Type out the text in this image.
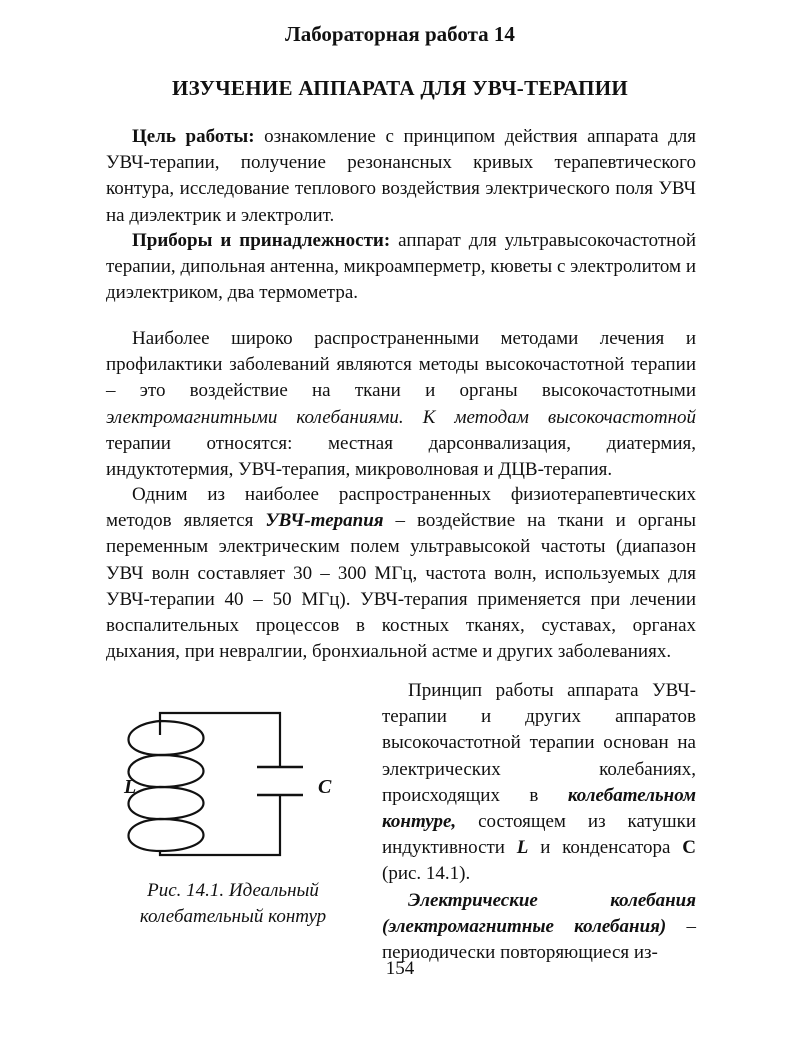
Лабораторная работа 14
ИЗУЧЕНИЕ АППАРАТА ДЛЯ УВЧ-ТЕРАПИИ

Цель работы: ознакомление с принципом действия аппарата для УВЧ-терапии, получение резонансных кривых терапевтического контура, исследование теплового воздействия электрического поля УВЧ на диэлектрик и электролит.

Приборы и принадлежности: аппарат для ультравысокочастотной терапии, дипольная антенна, микроамперметр, кюветы с электролитом и диэлектриком, два термометра.

Наиболее широко распространенными методами лечения и профилактики заболеваний являются методы высокочастотной терапии – это воздействие на ткани и органы высокочастотными электромагнитными колебаниями. К методам высокочастотной терапии относятся: местная дарсонвализация, диатермия, индуктотермия, УВЧ-терапия, микроволновая и ДЦВ-терапия.

Одним из наиболее распространенных физиотерапевтических методов является УВЧ-терапия – воздействие на ткани и органы переменным электрическим полем ультравысокой частоты (диапазон УВЧ волн составляет 30 – 300 МГц, частота волн, используемых для УВЧ-терапии 40 – 50 МГц). УВЧ-терапия применяется при лечении воспалительных процессов в костных тканях, суставах, органах дыхания, при невралгии, бронхиальной астме и других заболеваниях.

Принцип работы аппарата УВЧ-терапии и других аппаратов высокочастотной терапии основан на электрических колебаниях, происходящих в колебательном контуре, состоящем из катушки индуктивности L и конденсатора C (рис. 14.1).

Электрические колебания (электромагнитные колебания) – периодически повторяющиеся из-

L	C
Рис. 14.1. Идеальный
колебательный контур
154
